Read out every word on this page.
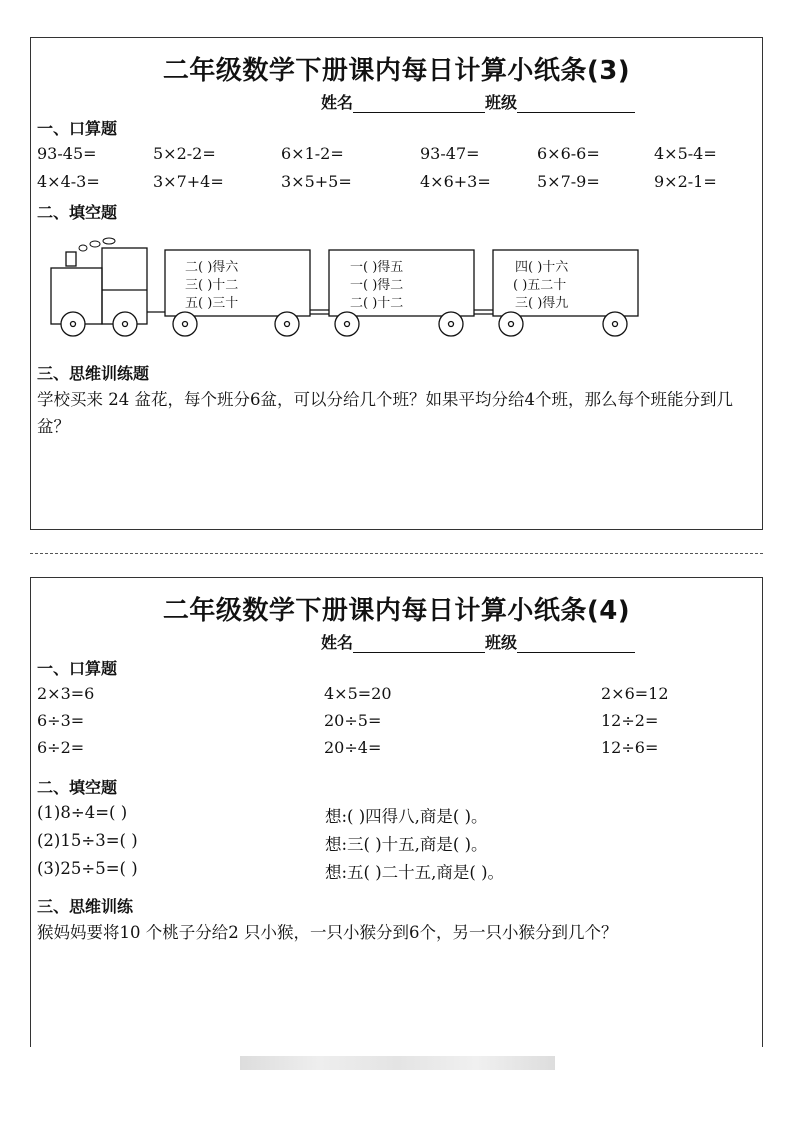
二年级数学下册课内每日计算小纸条(3)
姓名	班级
一、口算题
93-45=	5×2-2=	6×1-2=	93-47=	6×6-6=	4×5-4=
4×4-3=	3×7+4=	3×5+5=	4×6+3=	5×7-9=	9×2-1=
二、填空题
二( )得六
三( )十二
五( )三十
一( )得五
一( )得二
二( )十二
四( )十六
( )五二十
三( )得九
三、思维训练题
学校买来 24 盆花，每个班分6盆，可以分给几个班？如果平均分给4个班，那么每个班能分到几盆？
二年级数学下册课内每日计算小纸条(4)
姓名	班级
一、口算题
2×3=6	4×5=20	2×6=12
6÷3=	20÷5=	12÷2=
6÷2=	20÷4=	12÷6=
二、填空题
(1)8÷4=( )	想:( )四得八,商是( )。
(2)15÷3=( )	想:三( )十五,商是( )。
(3)25÷5=( )	想:五( )二十五,商是( )。
三、思维训练
猴妈妈要将10 个桃子分给2 只小猴，一只小猴分到6个，另一只小猴分到几个？
